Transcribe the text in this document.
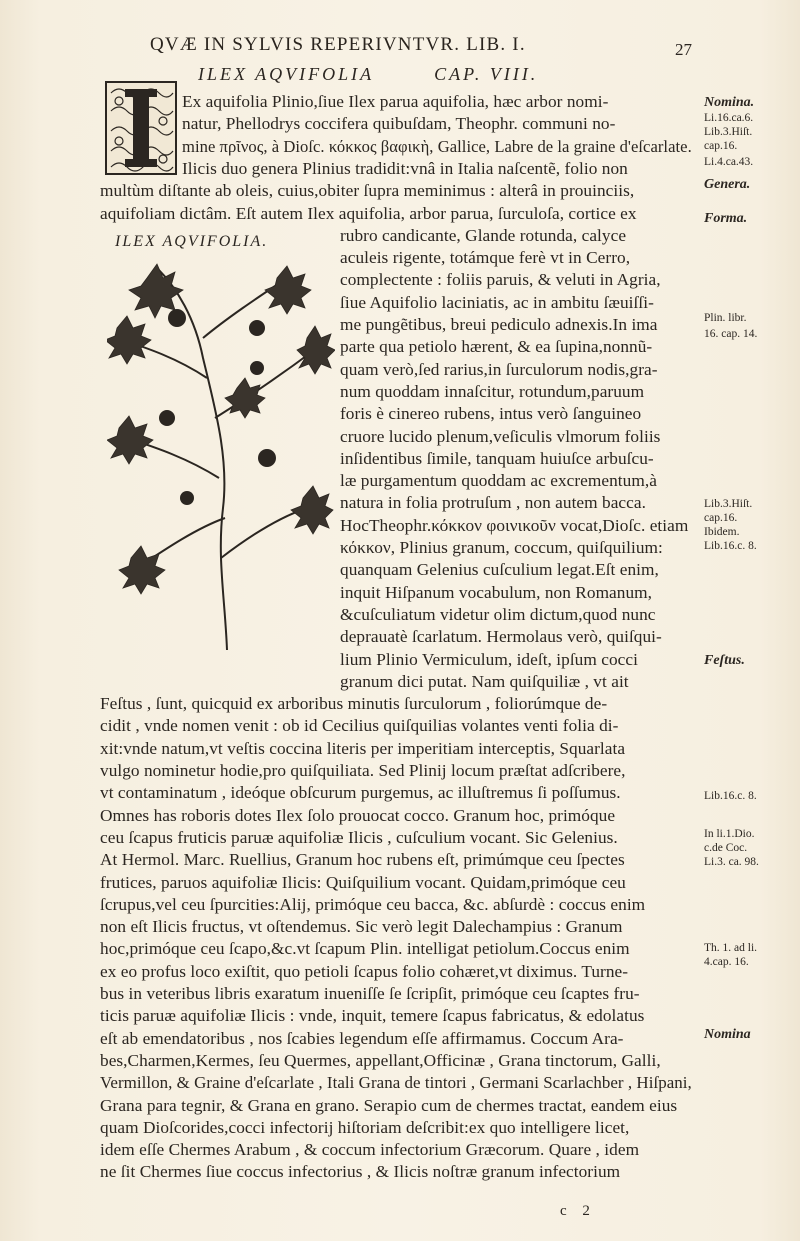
QVÆ IN SYLVIS REPERIVNTVR. LIB. I.	27
ILEX AQVIFOLIA	CAP. VIII.
ILEX AQVIFOLIA.
Ex aquifolia Plinio,ſiue Ilex parua aquifolia, hæc arbor nomi-
natur, Phellodrys coccifera quibuſdam, Theophr. communi no-
mine πρῖνος, à Dioſc. κόκκος βαφικὴ, Gallice, Labre de la graine d'eſcarlate.
Ilicis duo genera Plinius tradidit:vnâ in Italia naſcentẽ, folio non
multùm diſtante ab oleis, cuius,obiter ſupra meminimus : alterâ in prouinciis,
aquifoliam dictâm. Eſt autem Ilex aquifolia, arbor parua, ſurculoſa, cortice ex
rubro candicante, Glande rotunda, calyce
aculeis rigente, totámque ferè vt in Cerro,
complectente : foliis paruis, & veluti in Agria,
ſiue Aquifolio laciniatis, ac in ambitu ſæuiſſi-
me pungẽtibus, breui pediculo adnexis.In ima
parte qua petiolo hærent, & ea ſupina,nonnũ-
quam verò,ſed rarius,in ſurculorum nodis,gra-
num quoddam innaſcitur, rotundum,paruum
foris è cinereo rubens, intus verò ſanguineo
cruore lucido plenum,veſiculis vlmorum foliis
inſidentibus ſimile, tanquam huiuſce arbuſcu-
læ purgamentum quoddam ac excrementum,à
natura in folia protruſum , non autem bacca.
HocTheophr.κόκκον φοινικοῦν vocat,Dioſc. etiam
κόκκον, Plinius granum, coccum, quiſquilium:
quanquam Gelenius cuſculium legat.Eſt enim,
inquit Hiſpanum vocabulum, non Romanum,
&cuſculiatum videtur olim dictum,quod nunc
deprauatè ſcarlatum. Hermolaus verò, quiſqui-
lium Plinio Vermiculum, ideſt, ipſum cocci
granum dici putat. Nam quiſquiliæ , vt ait
Feſtus , ſunt, quicquid ex arboribus minutis ſurculorum , foliorúmque de-
cidit , vnde nomen venit : ob id Cecilius quiſquilias volantes venti folia di-
xit:vnde natum,vt veſtis coccina literis per imperitiam interceptis, Squarlata
vulgo nominetur hodie,pro quiſquiliata. Sed Plinij locum præſtat adſcribere,
vt contaminatum , ideóque obſcurum purgemus, ac illuſtremus ſi poſſumus.
Omnes has roboris dotes Ilex ſolo prouocat cocco. Granum hoc, primóque
ceu ſcapus fruticis paruæ aquifoliæ Ilicis , cuſculium vocant. Sic Gelenius.
At Hermol. Marc. Ruellius, Granum hoc rubens eſt, primúmque ceu ſpectes
frutices, paruos aquifoliæ Ilicis: Quiſquilium vocant. Quidam,primóque ceu
ſcrupus,vel ceu ſpurcities:Alij, primóque ceu bacca, &c. abſurdè : coccus enim
non eſt Ilicis fructus, vt oſtendemus. Sic verò legit Dalechampius : Granum
hoc,primóque ceu ſcapo,&c.vt ſcapum Plin. intelligat petiolum.Coccus enim
ex eo profus loco exiſtit, quo petioli ſcapus folio cohæret,vt diximus. Turne-
bus in veteribus libris exaratum inueniſſe ſe ſcripſit, primóque ceu ſcaptes fru-
ticis paruæ aquifoliæ Ilicis : vnde, inquit, temere ſcapus fabricatus, & edolatus
eſt ab emendatoribus , nos ſcabies legendum eſſe affirmamus. Coccum Ara-
bes,Charmen,Kermes, ſeu Quermes, appellant,Officinæ , Grana tinctorum, Galli,
Vermillon, & Graine d'eſcarlate , Itali Grana de tintori , Germani Scarlachber , Hiſpani,
Grana para tegnir, & Grana en grano. Serapio cum de chermes tractat, eandem eius
quam Dioſcorides,cocci infectorij hiſtoriam deſcribit:ex quo intelligere licet,
idem eſſe Chermes Arabum , & coccum infectorium Græcorum. Quare , idem
ne ſit Chermes ſiue coccus infectorius , & Ilicis noſtræ granum infectorium
Nomina.
Li.16.ca.6.
Lib.3.Hiſt.
cap.16.
Li.4.ca.43.
Genera.
Forma.
Plin. libr.
16. cap. 14.
Lib.3.Hiſt.
cap.16.
Ibidem.
Lib.16.c. 8.
Feſtus.
Lib.16.c. 8.
In li.1.Dio.
c.de Coc.
Li.3. ca. 98.
Th. 1. ad li.
4.cap. 16.
Nomina
c 2
